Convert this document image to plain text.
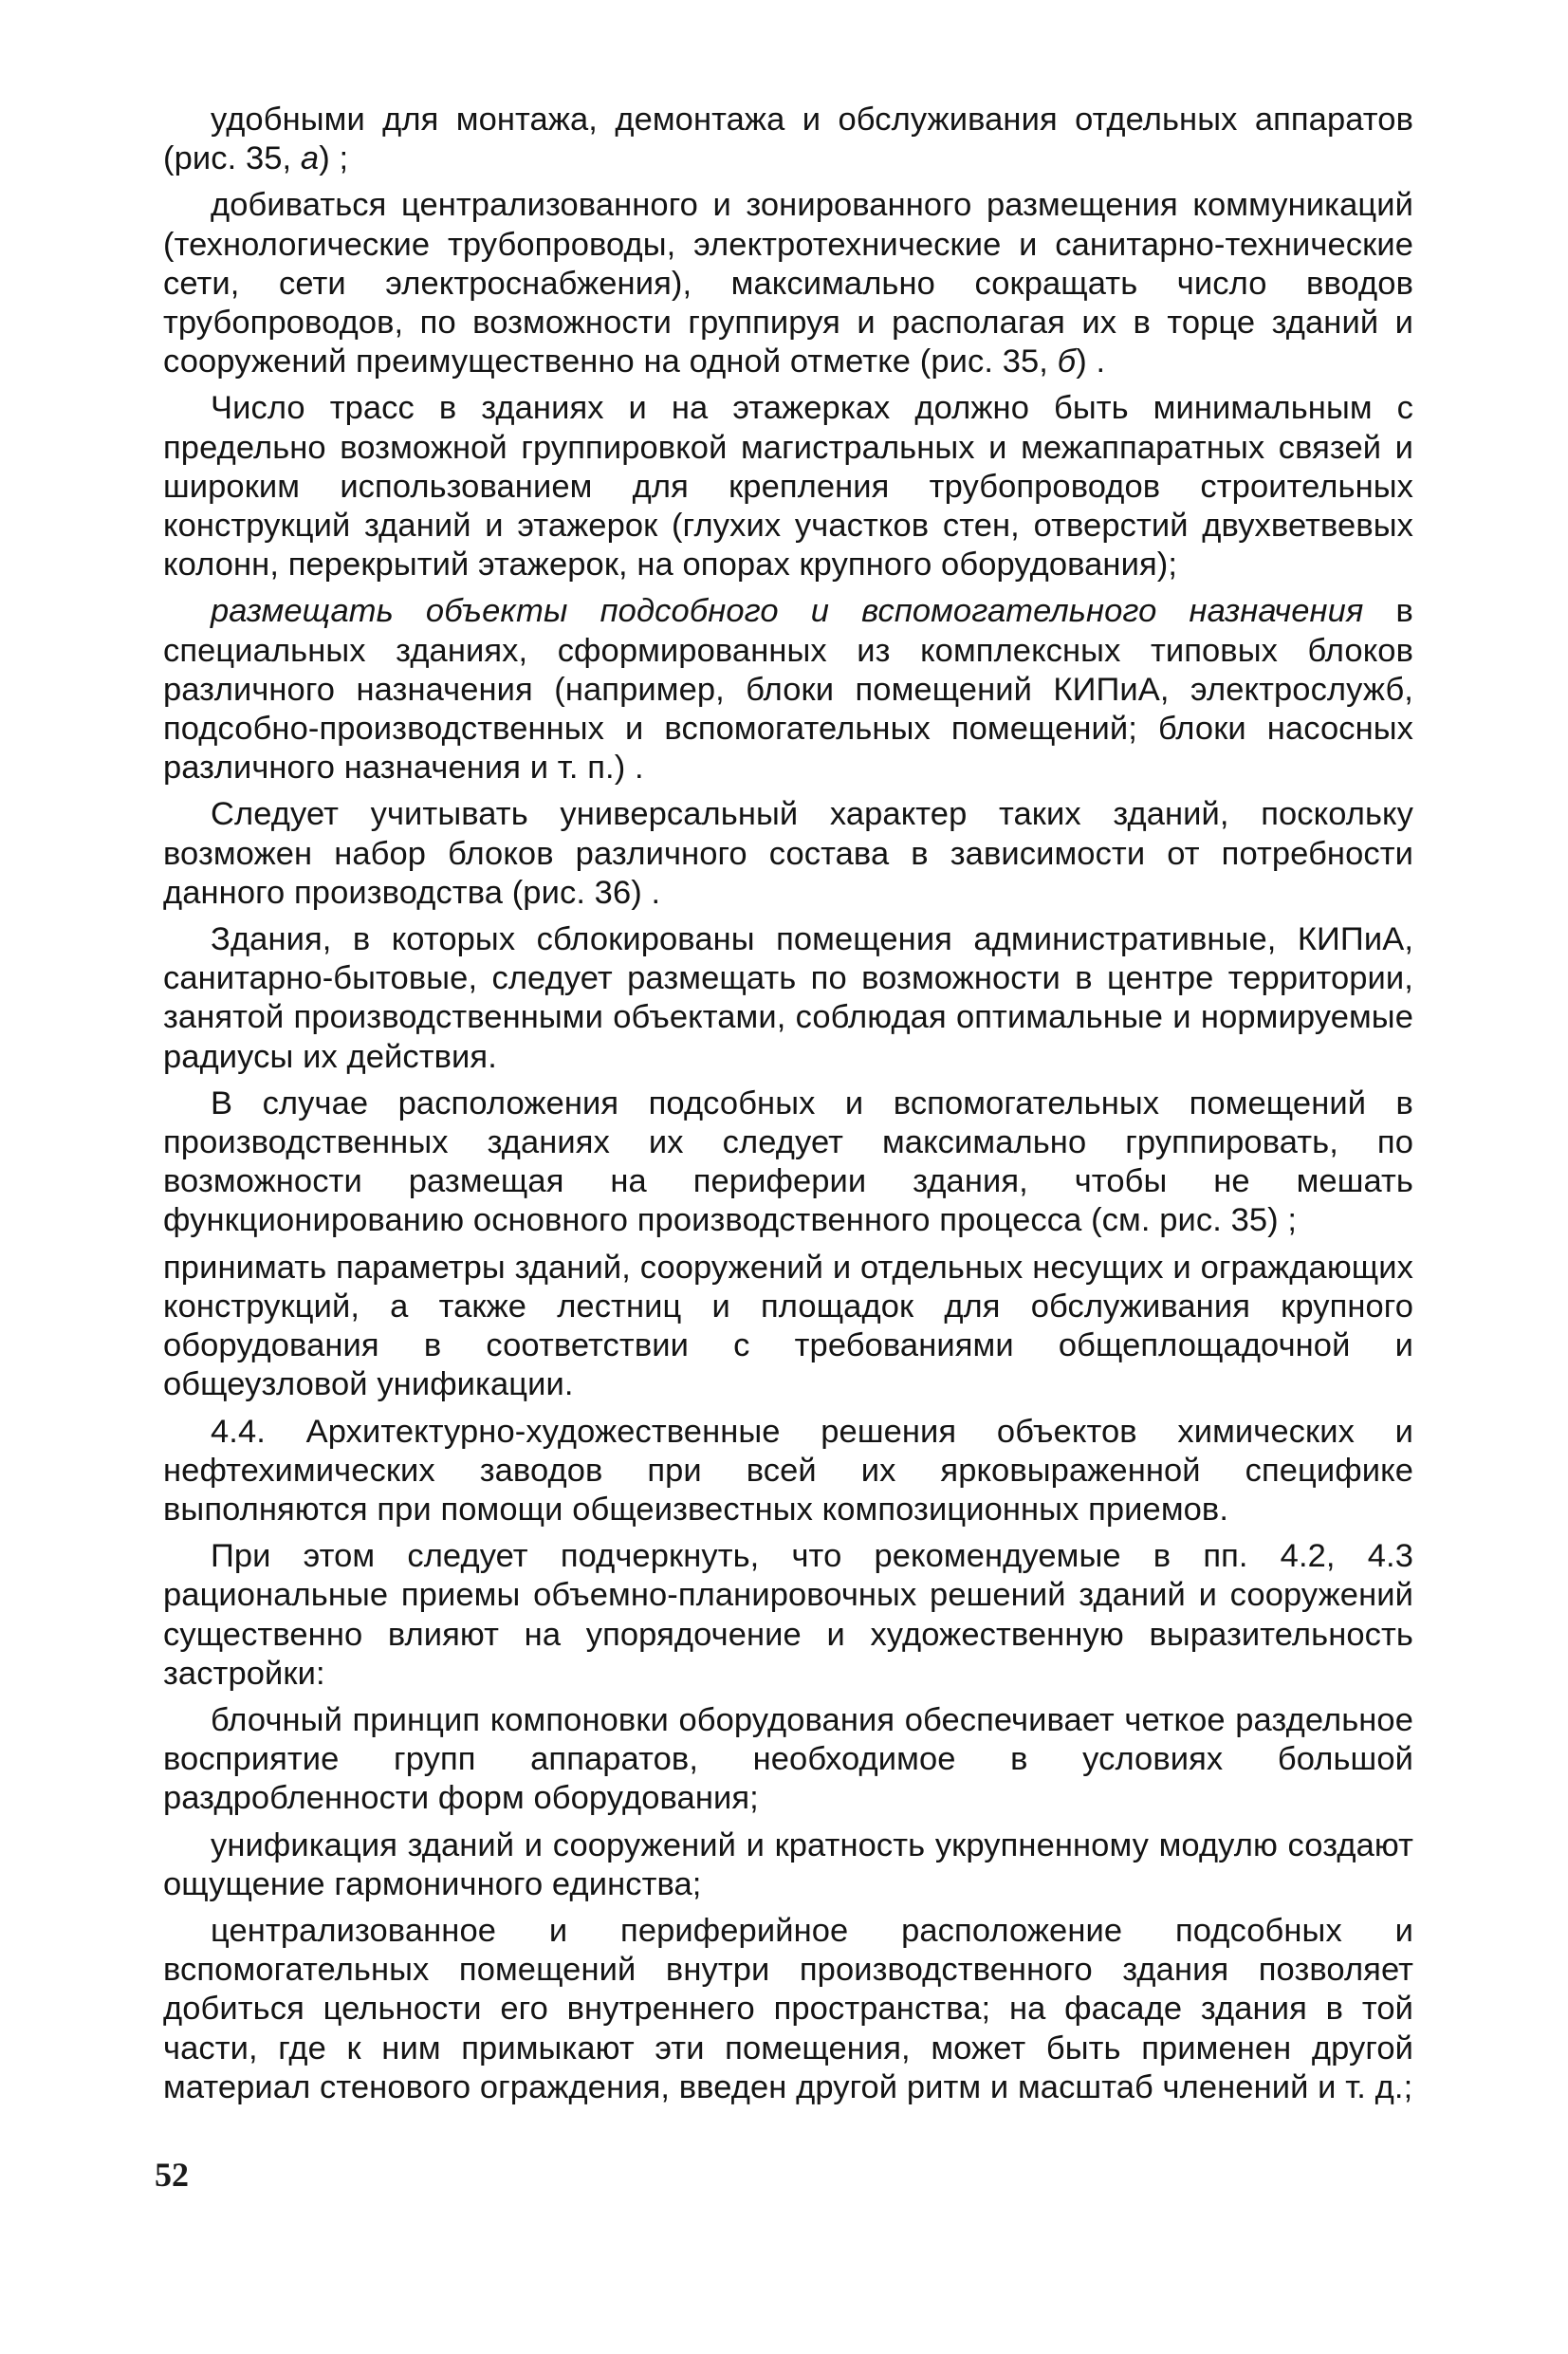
удобными для монтажа, демонтажа и обслуживания отдельных аппаратов (рис. 35, а) ;

добиваться централизованного и зонированного размещения коммуникаций (технологические трубопроводы, электротехнические и санитарно-технические сети, сети электроснабжения), максимально сокращать число вводов трубопроводов, по возможности группируя и располагая их в торце зданий и сооружений преимущественно на одной отметке (рис. 35, б) .

Число трасс в зданиях и на этажерках должно быть минимальным с предельно возможной группировкой магистральных и межаппаратных связей и широким использованием для крепления трубопроводов строительных конструкций зданий и этажерок (глухих участков стен, отверстий двухветвевых колонн, перекрытий этажерок, на опорах крупного оборудования);

размещать объекты подсобного и вспомогательного назначения в специальных зданиях, сформированных из комплексных типовых блоков различного назначения (например, блоки помещений КИПиА, электрослужб, подсобно-производственных и вспомогательных помещений; блоки насосных различного назначения и т. п.) .

Следует учитывать универсальный характер таких зданий, поскольку возможен набор блоков различного состава в зависимости от потребности данного производства (рис. 36) .

Здания, в которых сблокированы помещения административные, КИПиА, санитарно-бытовые, следует размещать по возможности в центре территории, занятой производственными объектами, соблюдая оптимальные и нормируемые радиусы их действия.

В случае расположения подсобных и вспомогательных помещений в производственных зданиях их следует максимально группировать, по возможности размещая на периферии здания, чтобы не мешать функционированию основного производственного процесса (см. рис. 35) ;

принимать параметры зданий, сооружений и отдельных несущих и ограждающих конструкций, а также лестниц и площадок для обслуживания крупного оборудования в соответствии с требованиями общеплощадочной и общеузловой унификации.

4.4. Архитектурно-художественные решения объектов химических и нефтехимических заводов при всей их ярковыраженной специфике выполняются при помощи общеизвестных композиционных приемов.

При этом следует подчеркнуть, что рекомендуемые в пп. 4.2, 4.3 рациональные приемы объемно-планировочных решений зданий и сооружений существенно влияют на упорядочение и художественную выразительность застройки:

блочный принцип компоновки оборудования обеспечивает четкое раздельное восприятие групп аппаратов, необходимое в условиях большой раздробленности форм оборудования;

унификация зданий и сооружений и кратность укрупненному модулю создают ощущение гармоничного единства;

централизованное и периферийное расположение подсобных и вспомогательных помещений внутри производственного здания позволяет добиться цельности его внутреннего пространства; на фасаде здания в той части, где к ним примыкают эти помещения, может быть применен другой материал стенового ограждения, введен другой ритм и масштаб членений и т. д.;

52
